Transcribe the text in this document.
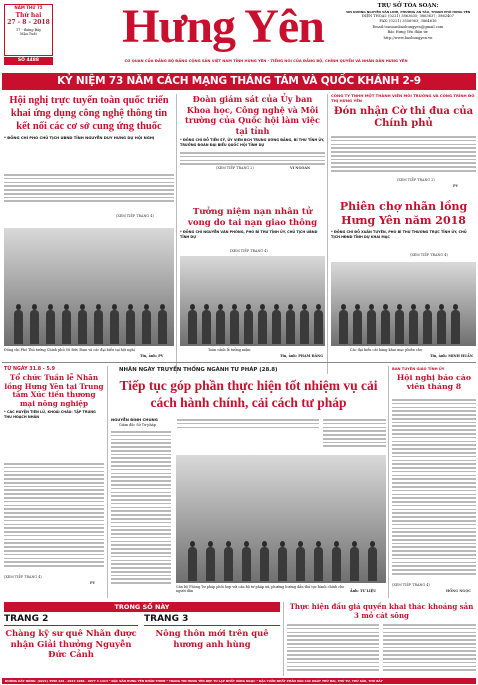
NĂM THỨ 75
Thứ hai
27 - 8 - 2018
17 - tháng Bảy
Mậu Tuất
SỐ 4488
Hưng Yên	TRỤ SỞ TÒA SOẠN:
305 ĐƯỜNG NGUYỄN VĂN LINH, PHƯỜNG AN TẢO, THÀNH PHỐ HƯNG YÊN
ĐIỆN THOẠI: (0221) 3863635; 3863637; 3862407
FAX: (0221) 3556963; 3864616
Email:toasoanbaohungyen@gmail.com
Báo Hưng Yên điện tử:
http://www.baohungyen.vn
CƠ QUAN CỦA ĐẢNG BỘ ĐẢNG CỘNG SẢN VIỆT NAM TỈNH HƯNG YÊN - TIẾNG NÓI CỦA ĐẢNG BỘ, CHÍNH QUYỀN VÀ NHÂN DÂN HƯNG YÊN
KỶ NIỆM 73 NĂM CÁCH MẠNG THÁNG TÁM VÀ QUỐC KHÁNH 2-9
Hội nghị trực tuyến toàn quốc triển khai ứng dụng công nghệ thông tin kết nối các cơ sở cung ứng thuốc
* ĐỒNG CHÍ PHÓ CHỦ TỊCH UBND TỈNH NGUYỄN DUY HƯNG DỰ HỘI NGHỊ
(XEM TIẾP TRANG 4)
Đoàn giám sát của Ủy ban Khoa học, Công nghệ và Môi trường của Quốc hội làm việc tại tỉnh
* ĐỒNG CHÍ ĐỖ TIẾN SỸ, ỦY VIÊN BCH TRUNG ƯƠNG ĐẢNG, BÍ THƯ TỈNH ỦY, TRƯỞNG ĐOÀN ĐẠI BIỂU QUỐC HỘI TỈNH DỰ
(XEM TIẾP TRANG 2)	VI NGOAN
CÔNG TY TNHH MỘT THÀNH VIÊN MÔI TRƯỜNG VÀ CÔNG TRÌNH ĐÔ THỊ HƯNG YÊN
Đón nhận Cờ thi đua của Chính phủ
(XEM TIẾP TRANG 2)
PV
Tưởng niệm nạn nhân tử vong do tai nạn giao thông
* ĐỒNG CHÍ NGUYỄN VĂN PHÓNG, PHÓ BÍ THƯ TỈNH ỦY, CHỦ TỊCH UBND TỈNH DỰ
(XEM TIẾP TRANG 4)
Phiên chợ nhãn lồng Hưng Yên năm 2018
* ĐỒNG CHÍ ĐỖ XUÂN TUYÊN, PHÓ BÍ THƯ THƯỜNG TRỰC TỈNH ỦY, CHỦ TỊCH HĐND TỈNH DỰ KHAI MẠC
(XEM TIẾP TRANG 4)
Đồng chí Phó Thủ tướng Chính phủ Vũ Đức Đam và các đại biểu tại hội nghị
Tin, ảnh: PV
Toàn cảnh lễ tưởng niệm
Tin, ảnh: PHẠM ĐĂNG
Các đại biểu cắt băng khai mạc phiên chợ
Tin, ảnh: MINH HUẤN
TỪ NGÀY 31.8 - 5.9
Tổ chức Tuần lễ Nhãn lồng Hưng Yên tại Trung tâm Xúc tiến thương mại nông nghiệp
* CÁC HUYỆN TIÊN LỮ, KHOÁI CHÂU: TẬP TRUNG THU HOẠCH NHÃN
(XEM TIẾP TRANG 4)
PV
NHÂN NGÀY TRUYỀN THỐNG NGÀNH TƯ PHÁP (28.8)
Tiếp tục góp phần thực hiện tốt nhiệm vụ cải cách hành chính, cải cách tư pháp
NGUYỄN ĐÌNH CHUNG
Giám đốc Sở Tư pháp
Cán bộ Phòng Tư pháp phối hợp với cán bộ tư pháp xã, phường hướng dẫn thủ tục hành chính cho người dân	Ảnh: TƯ LIỆU
BAN TUYÊN GIÁO TỈNH ỦY
Hội nghị báo cáo viên tháng 8
(XEM TIẾP TRANG 4)
HỒNG NGỌC
TRONG SỐ NÀY
TRANG 2
Chàng kỹ sư quê Nhãn được nhận Giải thưởng Nguyễn Đức Cảnh
TRANG 3
Nông thôn mới trên quê hương anh hùng
Thực hiện đấu giá quyền khai thác khoáng sản 3 mỏ cát sông
ĐƯỜNG DÂY NÓNG: (0221) 3556 226 - 0913 1989 - 0977 4 1413 * ĐẶC SẢN HƯNG YÊN NHÃN THƠM * TRANG TIN HƯNG YÊN ĐẸP TƯ LẠP NHẤT VÀNG NGỌC * ĐẶC TUẦN NHẤT PHẢN VÀO CÁC NGÀY THỨ HAI, THỨ TƯ, THỨ SÁU, THỨ BẢY
